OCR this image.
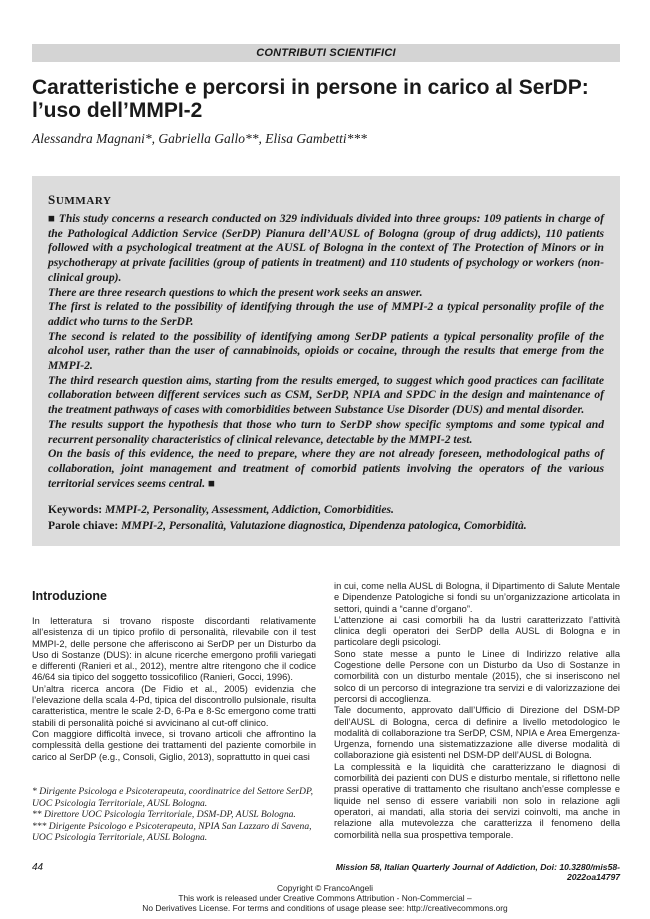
CONTRIBUTI SCIENTIFICI
Caratteristiche e percorsi in persone in carico al SerDP:
l’uso dell’MMPI-2
Alessandra Magnani*, Gabriella Gallo**, Elisa Gambetti***
SUMMARY

■ This study concerns a research conducted on 329 individuals divided into three groups: 109 patients in charge of the Pathological Addiction Service (SerDP) Pianura dell’AUSL of Bologna (group of drug addicts), 110 patients followed with a psychological treatment at the AUSL of Bologna in the context of The Protection of Minors or in psychotherapy at private facilities (group of patients in treatment) and 110 students of psychology or workers (non-clinical group).

There are three research questions to which the present work seeks an answer.

The first is related to the possibility of identifying through the use of MMPI-2 a typical personality profile of the addict who turns to the SerDP.

The second is related to the possibility of identifying among SerDP patients a typical personality profile of the alcohol user, rather than the user of cannabinoids, opioids or cocaine, through the results that emerge from the MMPI-2.

The third research question aims, starting from the results emerged, to suggest which good practices can facilitate collaboration between different services such as CSM, SerDP, NPIA and SPDC in the design and maintenance of the treatment pathways of cases with comorbidities between Substance Use Disorder (DUS) and mental disorder.

The results support the hypothesis that those who turn to SerDP show specific symptoms and some typical and recurrent personality characteristics of clinical relevance, detectable by the MMPI-2 test.

On the basis of this evidence, the need to prepare, where they are not already foreseen, methodological paths of collaboration, joint management and treatment of comorbid patients involving the operators of the various territorial services seems central. ■

Keywords: MMPI-2, Personality, Assessment, Addiction, Comorbidities.
Parole chiave: MMPI-2, Personalità, Valutazione diagnostica, Dipendenza patologica, Comorbidità.
Introduzione

In letteratura si trovano risposte discordanti relativamente all’esistenza di un tipico profilo di personalità, rilevabile con il test MMPI-2, delle persone che afferiscono ai SerDP per un Disturbo da Uso di Sostanze (DUS): in alcune ricerche emergono profili variegati e differenti (Ranieri et al., 2012), mentre altre ritengono che il codice 46/64 sia tipico del soggetto tossicofilico (Ranieri, Gocci, 1996).

Un’altra ricerca ancora (De Fidio et al., 2005) evidenzia che l’elevazione della scala 4-Pd, tipica del discontrollo pulsionale, risulta caratteristica, mentre le scale 2-D, 6-Pa e 8-Sc emergono come tratti stabili di personalità poiché si avvicinano al cut-off clinico.

Con maggiore difficoltà invece, si trovano articoli che affrontino la complessità della gestione dei trattamenti del paziente comorbile in carico al SerDP (e.g., Consoli, Giglio, 2013), soprattutto in quei casi

in cui, come nella AUSL di Bologna, il Dipartimento di Salute Mentale e Dipendenze Patologiche si fondi su un’organizzazione articolata in settori, quindi a “canne d’organo”.

L’attenzione ai casi comorbili ha da lustri caratterizzato l’attività clinica degli operatori dei SerDP della AUSL di Bologna e in particolare degli psicologi.

Sono state messe a punto le Linee di Indirizzo relative alla Cogestione delle Persone con un Disturbo da Uso di Sostanze in comorbilità con un disturbo mentale (2015), che si inseriscono nel solco di un percorso di integrazione tra servizi e di valorizzazione dei percorsi di accoglienza.

Tale documento, approvato dall’Ufficio di Direzione del DSM-DP dell’AUSL di Bologna, cerca di definire a livello metodologico le modalità di collaborazione tra SerDP, CSM, NPIA e Area Emergenza-Urgenza, fornendo una sistematizzazione alle diverse modalità di collaborazione già esistenti nel DSM-DP dell’AUSL di Bologna.

La complessità e la liquidità che caratterizzano le diagnosi di comorbilità dei pazienti con DUS e disturbo mentale, si riflettono nelle prassi operative di trattamento che risultano anch’esse complesse e liquide nel senso di essere variabili non solo in relazione agli operatori, ai mandati, alla storia dei servizi coinvolti, ma anche in relazione alla mutevolezza che caratterizza il fenomeno della comorbilità nella sua prospettiva temporale.

* Dirigente Psicologa e Psicoterapeuta, coordinatrice del Settore SerDP, UOC Psicologia Territoriale, AUSL Bologna.

** Direttore UOC Psicologia Territoriale, DSM-DP, AUSL Bologna.

*** Dirigente Psicologo e Psicoterapeuta, NPIA San Lazzaro di Savena, UOC Psicologia Territoriale, AUSL Bologna.

44	Mission 58, Italian Quarterly Journal of Addiction, Doi: 10.3280/mis58-2022oa14797
Copyright © FrancoAngeli
This work is released under Creative Commons Attribution - Non-Commercial –
No Derivatives License. For terms and conditions of usage please see: http://creativecommons.org
